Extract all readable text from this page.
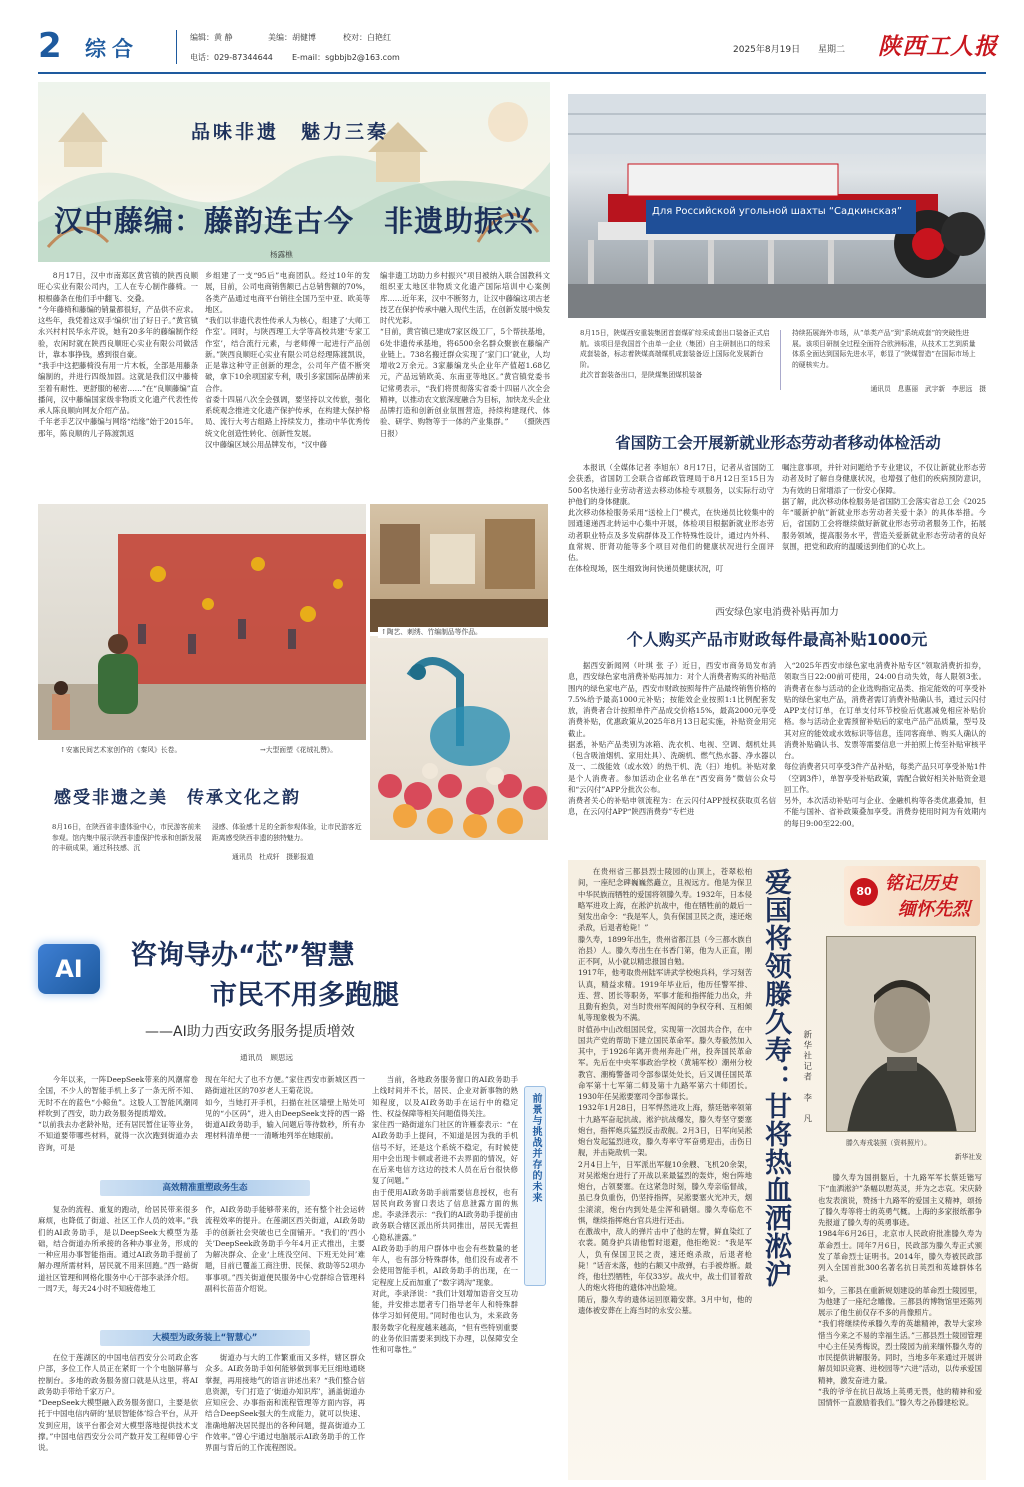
2 综合	编辑：黄 静	美编：胡健博	校对：白艳红
电话：029-87344644 E-mail：sgbbjb2@163.com
2025年8月19日 星期二 陕西工人报
品味非遗　魅力三秦
汉中藤编：藤韵连古今　非遗助振兴
杨露樵

8月17日，汉中市南郑区黄官镇的陕西良顺旺心实业有限公司内，工人在专心制作藤椅。一根根藤条在他们手中翻飞、交叠。
“今年藤椅和藤编的销量都很好，产品供不应求。这些年，我凭着这双手‘编织’出了好日子。”黄官镇永兴村村民华永芹说，她有20多年的藤编制作经验，农闲时就在陕西良顺旺心实业有限公司做活计，靠本事挣钱，感到很自豪。
“我手中这把藤椅没有用一片木板，全部是用藤条编制的，并进行四级加固。这就是我们汉中藤椅至着有耐性、更舒服的秘密……”在“良顺藤编”直播间，汉中藤编国家级非物质文化遗产代表性传承人陈良顺向网友介绍产品。
千年老手艺汉中藤编与网络“结缘”始于2015年。那年，陈良顺的儿子陈渡凯返

乡组建了一支“95后”电商团队。经过10年的发展，目前，公司电商销售额已占总销售额的70%，各类产品通过电商平台销往全国乃至中亚、欧美等地区。
“我们以非遗代表性传承人为核心，组建了‘大师工作室’。同时，与陕西理工大学等高校共建‘专家工作室’，结合流行元素，与老师傅一起进行产品创新。”陕西良顺旺心实业有限公司总经理陈渡凯说，正是靠这种守正创新的理念，公司年产值不断突破，拿下10余项国家专利，吸引多家国际品牌前来合作。
省委十四届八次全会强调，要坚持以文传旅，强化系统观念推进文化遗产保护传承，在构建大保护格局、流行大考古组路上持续发力，推动中华优秀传统文化创造性转化、创新性发展。
汉中藤编区域公用品牌发布，“汉中藤

编非遗工坊助力乡村振兴”项目被纳入联合国教科文组织亚太地区非物质文化遗产国际培训中心案例库……近年来，汉中不断努力，让汉中藤编这项古老技艺在保护传承中融入现代生活，在创新发展中焕发时代光彩。
“目前，黄官镇已建成7家区级工厂，5个帮扶基地，6处非遗传承基地，将6500余名群众聚嵌在藤编产业链上。738名搬迁群众实现了‘家门口’就业，人均增收2万余元。3家藤编龙头企业年产值超1.68亿元，产品远销欧美、东南亚等地区。”黄官镇党委书记常勇表示，“我们将贯彻落实省委十四届八次全会精神，以推动农文旅深度融合为目标，加快龙头企业品牌打造和创新创业氛围营造，持续构建现代、体验、研学、购物等于一体的产业集群。”　　（摄陕西日报）

Для Российской угольной шахты “Садкинская”
8月15日，陕煤西安重装集团首套煤矿综采成套出口装备正式启航。该项目是我国首个由单一企业（集团）自主研制出口的综采成套装备，标志着陕煤高端煤机成套装备迈上国际化发展新台阶。
此次首套装备出口，是陕煤集团煤机装备
持续拓展海外市场，从“单类产品”到“系统成套”的突破性进展。该项目研制全过程全面符合欧洲标准，从技术工艺到质量体系全面达到国际先进水平，彰显了“陕煤智造”在国际市场上的硬核实力。
通讯员　息惠丽　武宇新　李思远　摄
省国防工会开展新就业形态劳动者移动体检活动

本报讯（全媒体记者 李旭东）8月17日，记者从省国防工会获悉，省国防工会联合省邮政管理局于8月12日至15日为500名快递行业劳动者送去移动体检专项服务，以实际行动守护他们的身体健康。
此次移动体检服务采用“送检上门”模式，在快递员比较集中的园通速递西北转运中心集中开展，体检项目根据新就业形态劳动者职业特点及多发病群体及工作特殊性设计，通过内外科、血常规、肝肾功能等多个项目对他们的健康状况进行全面评估。
在体检现场，医生细致询问快递员健康状况，叮

嘱注意事项，并针对问题给予专业建议，不仅让新就业形态劳动者及时了解自身健康状况，也增强了他们的疾病预防意识，为有效的日常增添了一份安心保障。
据了解，此次移动体检服务是省国防工会落实省总工会《2025年“暖新护航”新就业形态劳动者关爱十条》的具体举措。今后，省国防工会将继续做好新就业形态劳动者服务工作，拓展服务领域，提高服务水平，营造关爱新就业形态劳动者的良好氛围，把党和政府的温暖送到他们的心坎上。

西安绿色家电消费补贴再加力
个人购买产品市财政每件最高补贴1000元

据西安新闻网（叶琪 张 子）近日，西安市商务局发布消息，西安绿色家电消费补贴再加力：对个人消费者购买的补贴范围内的绿色家电产品，西安市财政按照每件产品最终销售价格的7.5%给予最高1000元补贴；按能效企业按照1:1比例配套发放，消费者合计按照单件产品成交价格15%，最高2000元享受消费补贴，优惠政策从2025年8月13日起实施，补贴资金用完截止。
据悉，补贴产品类别为冰箱、洗衣机、电视、空调、烟机灶具（包含吸油烟机、家用灶具）、洗碗机、燃气热水器、净水器以及一、二级能效（或水效）的热干机、洗（扫）地机。补贴对象是个人消费者。参加活动企业名单在“西安商务”微信公众号和“云闪付”APP分批次公布。
消费者关心的补贴申领流程为：在云闪付APP授权获取页名信息，在云闪付APP“陕西消费券”专栏进

入“2025年西安市绿色家电消费补贴专区”领取消费折扣券，领取当日22:00前可使用，24:00自动失效，每人限领3张。消费者在参与活动的企业选购指定品类、指定能效的可享受补贴的绿色家电产品，消费者需订消费补贴确认书，通过云闪付APP支付订单，在订单支付环节校验后优惠减免相应补贴价格。参与活动企业需预留补贴后的家电产品产品质量，型号及其对应的能效或水效标识等信息，连同客商单、购买人确认的消费补贴确认书、发票等需要信息一并拍照上传至补贴审核平台。
每位消费者只可享受3件产品补贴，每类产品只可享受补贴1件（空调3件），单智享受补贴政策，需配合做好相关补贴资金退回工作。
另外，本次活动补贴可与企业、金融机构等各类优惠叠加，但不能与国补、省补政策叠加享受。消费券使用时间为有效期内的每日9:00至22:00。

↑陶艺、刺绣、竹编制品等作品。
↑安塞民间艺术家创作的《秦风》长卷。	→大型面塑《花绒礼赞》。
感受非遗之美　传承文化之韵
8月16日，在陕西省非遗体验中心，市民游客前来参观。馆内集中展示陕西非遗保护传承和创新发展的丰硕成果，通过科技感、沉
浸感、体验感十足的全新参观体验，让市民游客近距离感受陕西非遗的独特魅力。
通讯员　杜成轩　摄影报道
AI	咨询导办“芯”智慧
市民不用多跑腿
——AI助力西安政务服务提质增效
通讯员　顾思远

今年以来，一阵DeepSeek带来的风潮席卷全国，不少人的智能手机上多了一条无所不知、无时不在的蓝色“小鲸鱼”。这股人工智能风潮同样吹到了西安，助力政务服务提质增效。
“以前我去办老龄补贴，还有居民暂住证等业务，不知道要带哪些材料，就得一次次跑到街道办去咨询，可是

高效精准重塑政务生态

复杂的流程、重复的跑动，给居民带来很多麻烦，也降低了街道、社区工作人员的效率。”我们的AI政务助手，是以DeepSeek大模型为基础，结合街道办所承接的各种办事业务，形成的一种应用办事智能指南。通过AI政务助手提前了解办理所需材料，居民就不用来回跑。”西一路街道社区管理和网格化服务中心干部李录泽介绍。
一周7天，每天24小时不知疲倦地工

大模型为政务装上“智慧心”

在位于莲湖区的中国电信西安分公司政企客户部，多位工作人员正在紧盯一个个电脑屏幕与控制台。多地的政务服务窗口就是从这里，将AI政务助手带给千家万户。
“DeepSeek大模型融入政务服务窗口，主要是依托于中国电信内研的‘星辰智能体’综合平台，从开发到应用，该平台都会对大模型落地提供技术支撑。”中国电信西安分公司产数开发工程师曾心宇说。

现在年纪大了也不方便。”家住西安市新城区西一路街道社区的70岁老人王菊花说。
如今，当她打开手机，扫描在社区墙壁上贴处可见的“小区码”，进入由DeepSeek支持的西一路街道AI政务助手，输入问题后等待数秒，所有办理材料清单便一一清晰地列举在她眼前。

作，AI政务助手能够带来的，还有整个社会运转流程效率的提升。在莲湖区西关街道，AI政务助手的创新社会突破也已全面铺开。“我们的‘西小关’DeepSeek政务助手今年4月正式推出，主要为解决群众、企业‘上班没空问、下班无处问’难题，目前已覆盖工商注册、民保、救助等52项办事事项。”西关街道便民服务中心党群综合管理科副科长苗苗介绍说。

街道办与大的工作繁重而又多样，辖区群众众多。AI政务助手如何能够做到事无巨细地通晓掌握，再用接地气的语言讲述出来？“我们整合信息资源，专门打造了‘街道办知识库’，涵盖街道办应知应会、办事指南和流程管理等方面内容，再结合DeepSeek强大的生成能力，就可以快速、准确地解决居民提出的各种问题，提高街道办工作效率。”曾心宇通过电脑展示AI政务助手的工作界面与背后的工作流程图说。

当前，各地政务服务窗口的AI政务助手上线时间并不长，居民、企业对新事物的熟知程度，以及AI政务助手在运行中的稳定性、权益保障等相关问题值得关注。
家住西一路街道东门社区的许雁泰表示：“在AI政务助手上提问，不知道是因为我的手机信号不好，还是这个系统不稳定，有时候使用中会出现卡顿或者进不去界面的情况，好在后来电信方这边的技术人员在后台很快修复了问题。”
由于使用AI政务助手前需要信息授权，也有居民向政务窗口表达了信息泄露方面的焦虑。李录泽表示：“我们的AI政务助手提前由政务联合辖区派出所共同推出，居民无需担心隐私泄露。”
AI政务助手的用户群体中也会有些数量的老年人，也有部分特殊群体，他们没有或者不会使用智能手机，AI政务助手的出现，在一定程度上反而加重了“数字鸿沟”现象。
对此，李录泽说：“我们计划增加语音交互功能，并安排志愿者专门指导老年人和特殊群体学习如何使用。”同时他也认为，未来政务服务数字化程度越来越高，“但有些特别重要的业务依旧需要来到线下办理，以保障安全性和可靠性。”

前景与挑战并存的未来
80 铭记历史
缅怀先烈

在贵州省三都县烈士陵园的山顶上，苍翠松柏间，一座纪念碑巍巍然矗立，且视远方。他是为保卫中华民族而牺牲的爱国将领滕久寿。1932年，日本侵略军进攻上海，在淞沪抗战中，他在牺牲前的最后一刻发出命令：“我是军人，负有保国卫民之责，速还炮杀敌，后退者枪毙！”
滕久寿，1899年出生，贵州省都江县（今三都水族自治县）人。滕久寿出生在书香门第，他为人正直，刚正不阿，从小就以精忠报国自勉。
1917年，他考取贵州陆军讲武学校炮兵科，学习刻苦认真，精益求精。1919年毕业后，他历任警军排、连、营、团长等职务，军事才能和指挥能力出众，并且勤有抱负，对当时贵州军阀间的争权夺利、互相倾轧等现象极为不满。
时值孙中山改组国民党，实现第一次国共合作，在中国共产党的帮助下建立国民革命军。滕久寿毅然加入其中，于1926年离开贵州奔赴广州，投奔国民革命军。先后在中央军事政治学校（黄埔军校）潮州分校教官、潮梅警备司令部参谋处处长，后又调任国民革命军第十七军第二师及第十九路军第六十师团长。1930年任吴淞要塞司令部参谋长。
1932年1月28日，日军悍然进攻上海，蔡廷锴率领第十九路军奋起抗战。淞沪抗战爆发，滕久寿坚守要塞炮台，指挥炮兵猛烈反击敌舰。2月3日，日军向吴淞炮台发起猛烈进攻，滕久寿率守军奋勇迎击，击伤日舰，并击毙敌机一架。
2月4日上午，日军派出军舰10余艘、飞机20余架，对吴淞炮台进行了开战以来最猛烈的轰炸，炮台阵地炮台，占领要塞。在这紧急时刻，滕久寿亲临督战，虽已身负重伤，仍坚持指挥，吴淞要塞火光冲天，烟尘滚滚，炮台内到处是尘浑和硝烟。滕久寿临危不惧，继续指挥炮台官兵进行还击。
在激战中，敌人的弹片击中了他的左臂，鲜血染红了衣裳。随身护兵请他暂时退避，他拒绝说：“我是军人，负有保国卫民之责，速还炮杀敌，后退者枪毙！”话音未落，他的右额又中敌弹，右手被炸断。最终，他壮烈牺牲，年仅33岁。战火中，战士们冒着敌人的炮火将他的遗体冲出险境。
随后，滕久寿的遗体运回原籍安葬。3月中旬，他的遗体被安葬在上海当时的永安公墓。

爱国将领滕久寿：甘将热血洒淞沪 新华社记者　李　凡
滕久寿戎装照（资料照片）。
新华社发

滕久寿为国捐躯后，十九路军军长蔡廷锴写下“血洒淞沪”条幅以慰英灵，并为之志哀。宋庆龄也发表演说，赞扬十九路军的爱国主义精神，颂扬了滕久寿等将士的英勇气概。上海的多家报纸都争先报道了滕久寿的英勇事迹。
1984年6月26日，北京市人民政府批准滕久寿为革命烈士。同年7月6日，民政部为滕久寿正式颁发了革命烈士证明书。2014年，滕久寿被民政部列入全国首批300名著名抗日英烈和英雄群体名录。
如今，三都县在重新规划建设的革命烈士陵园里，为他建了一座纪念雕像。三都县的博物馆里还陈列展示了他生前仅存不多的肖像照片。
“我们将继续传承滕久寿的英雄精神，教导大家珍惜当今来之不易的幸福生活。”三都县烈士陵园管理中心主任吴秀梅说，烈士陵园为前来缅怀滕久寿的市民提供讲解服务。同时，当地多年来通过开展讲解员知识竞赛、进校园等“六进”活动，以传承爱国精神，激发奋进力量。
“我的爷爷在抗日战场上英勇无畏，他的精神和爱国情怀一直激励着我们。”滕久寿之孙滕建松说。
